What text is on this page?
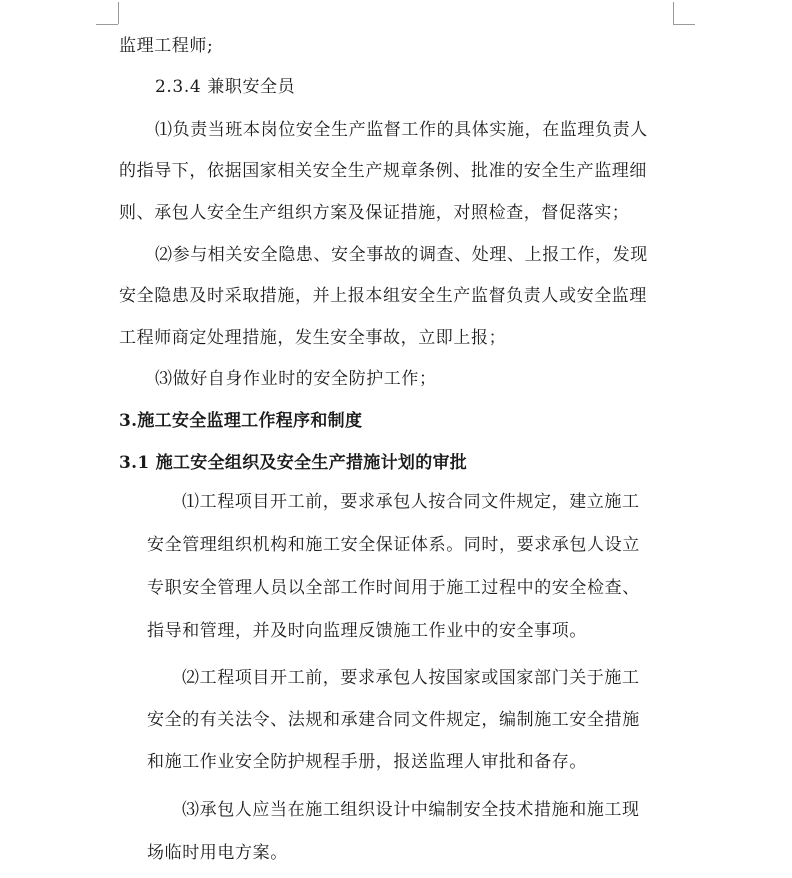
监理工程师;
2.3.4 兼职安全员
⑴负责当班本岗位安全生产监督工作的具体实施，在监理负责人
的指导下，依据国家相关安全生产规章条例、批准的安全生产监理细
则、承包人安全生产组织方案及保证措施，对照检查，督促落实；
⑵参与相关安全隐患、安全事故的调查、处理、上报工作，发现
安全隐患及时采取措施，并上报本组安全生产监督负责人或安全监理
工程师商定处理措施，发生安全事故，立即上报；
⑶做好自身作业时的安全防护工作；
3.施工安全监理工作程序和制度
3.1 施工安全组织及安全生产措施计划的审批
⑴工程项目开工前，要求承包人按合同文件规定，建立施工
安全管理组织机构和施工安全保证体系。同时，要求承包人设立
专职安全管理人员以全部工作时间用于施工过程中的安全检查、
指导和管理，并及时向监理反馈施工作业中的安全事项。
⑵工程项目开工前，要求承包人按国家或国家部门关于施工
安全的有关法令、法规和承建合同文件规定，编制施工安全措施
和施工作业安全防护规程手册，报送监理人审批和备存。
⑶承包人应当在施工组织设计中编制安全技术措施和施工现
场临时用电方案。
